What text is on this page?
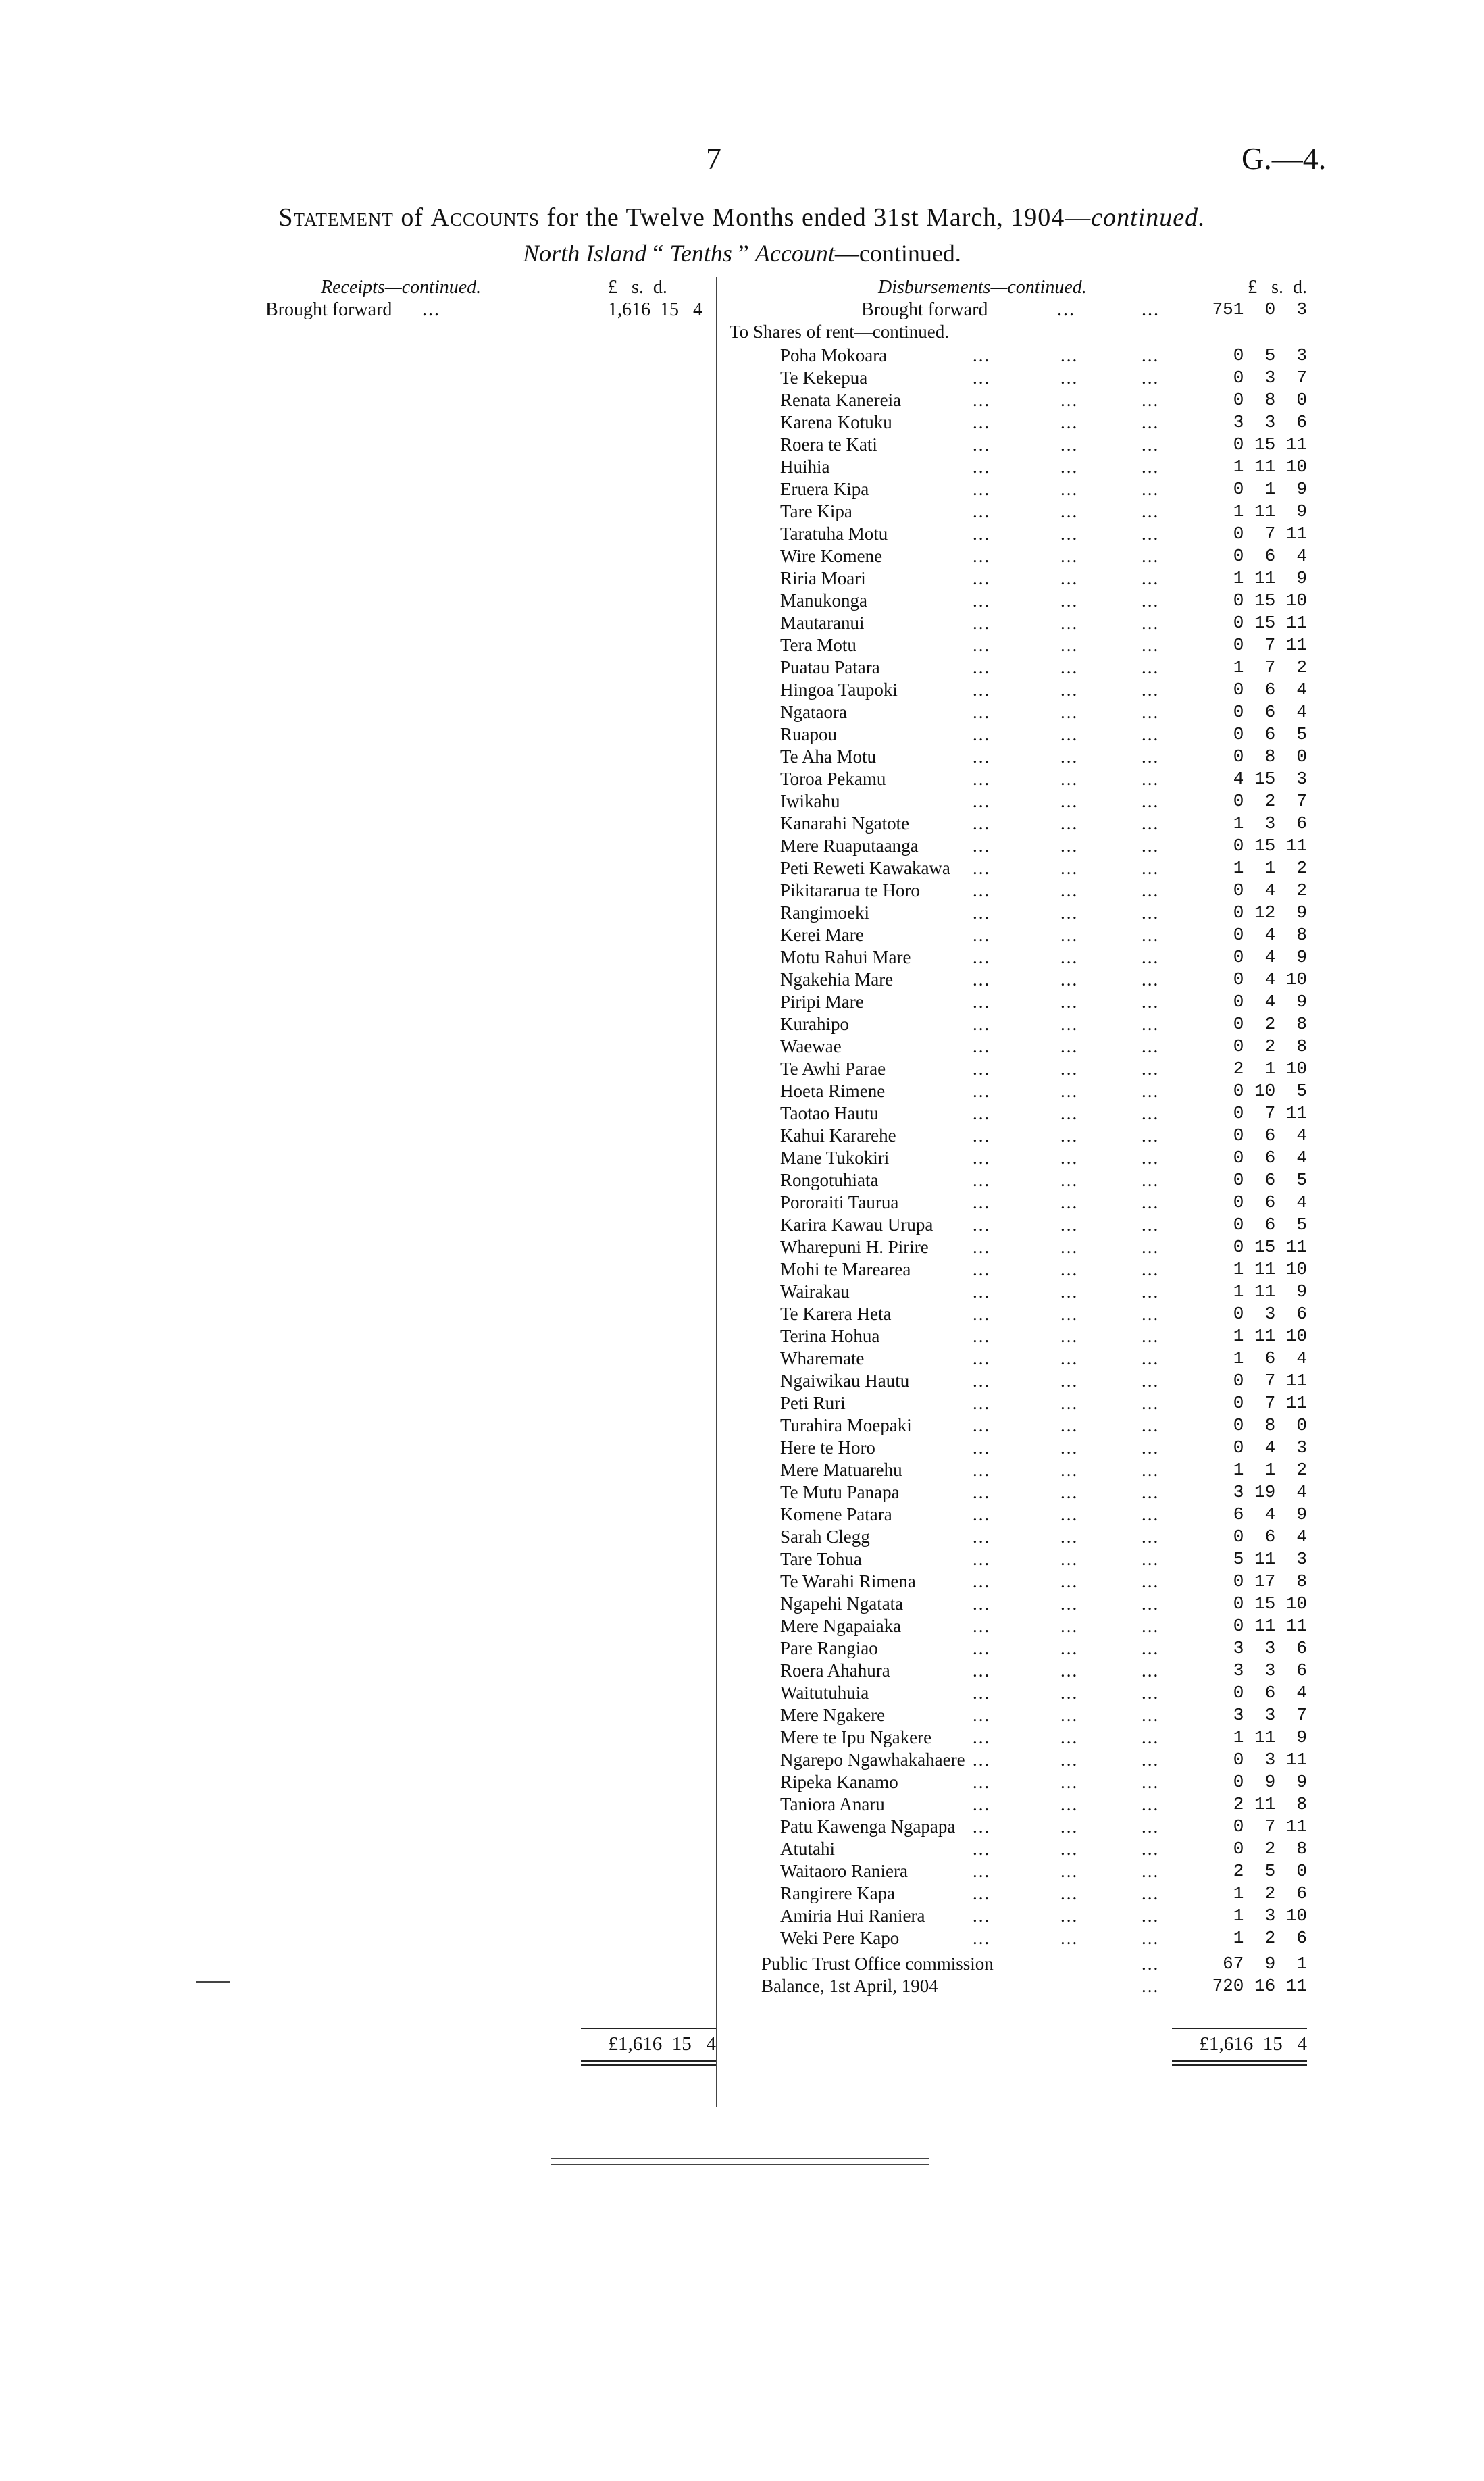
7	G.—4.
Statement of Accounts for the Twelve Months ended 31st March, 1904—continued.
North Island “ Tenths ” Account—continued.
Receipts—continued.	£   s.  d.
Brought forward ...	1,616  15   4
Disbursements—continued.	£   s.  d.
Brought forward	...	...	751  0  3
To Shares of rent—continued.
Poha Mokoara	...	...	...	0  5  3
Te Kekepua	...	...	...	0  3  7
Renata Kanereia	...	...	...	0  8  0
Karena Kotuku	...	...	...	3  3  6
Roera te Kati	...	...	...	0 15 11
Huihia	...	...	...	1 11 10
Eruera Kipa	...	...	...	0  1  9
Tare Kipa	...	...	...	1 11  9
Taratuha Motu	...	...	...	0  7 11
Wire Komene	...	...	...	0  6  4
Riria Moari	...	...	...	1 11  9
Manukonga	...	...	...	0 15 10
Mautaranui	...	...	...	0 15 11
Tera Motu	...	...	...	0  7 11
Puatau Patara	...	...	...	1  7  2
Hingoa Taupoki	...	...	...	0  6  4
Ngataora	...	...	...	0  6  4
Ruapou	...	...	...	0  6  5
Te Aha Motu	...	...	...	0  8  0
Toroa Pekamu	...	...	...	4 15  3
Iwikahu	...	...	...	0  2  7
Kanarahi Ngatote	...	...	...	1  3  6
Mere Ruaputaanga	...	...	...	0 15 11
Peti Reweti Kawakawa ...	...	...	1  1  2
Pikitararua te Horo	...	...	...	0  4  2
Rangimoeki	...	...	...	0 12  9
Kerei Mare	...	...	...	0  4  8
Motu Rahui Mare	...	...	...	0  4  9
Ngakehia Mare	...	...	...	0  4 10
Piripi Mare	...	...	...	0  4  9
Kurahipo	...	...	...	0  2  8
Waewae	...	...	...	0  2  8
Te Awhi Parae	...	...	...	2  1 10
Hoeta Rimene	...	...	...	0 10  5
Taotao Hautu	...	...	...	0  7 11
Kahui Kararehe	...	...	...	0  6  4
Mane Tukokiri	...	...	...	0  6  4
Rongotuhiata	...	...	...	0  6  5
Pororaiti Taurua	...	...	...	0  6  4
Karira Kawau Urupa ...	...	...	0  6  5
Wharepuni H. Pirire ...	...	...	0 15 11
Mohi te Marearea	...	...	...	1 11 10
Wairakau	...	...	...	1 11  9
Te Karera Heta	...	...	...	0  3  6
Terina Hohua	...	...	...	1 11 10
Wharemate	...	...	...	1  6  4
Ngaiwikau Hautu	...	...	...	0  7 11
Peti Ruri	...	...	...	0  7 11
Turahira Moepaki	...	...	...	0  8  0
Here te Horo	...	...	...	0  4  3
Mere Matuarehu	...	...	...	1  1  2
Te Mutu Panapa	...	...	...	3 19  4
Komene Patara	...	...	...	6  4  9
Sarah Clegg	...	...	...	0  6  4
Tare Tohua	...	...	...	5 11  3
Te Warahi Rimena	...	...	...	0 17  8
Ngapehi Ngatata	...	...	...	0 15 10
Mere Ngapaiaka	...	...	...	0 11 11
Pare Rangiao	...	...	...	3  3  6
Roera Ahahura	...	...	...	3  3  6
Waitutuhuia	...	...	...	0  6  4
Mere Ngakere	...	...	...	3  3  7
Mere te Ipu Ngakere ...	...	...	1 11  9
Ngarepo Ngawhakahaere ...	...	...	0  3 11
Ripeka Kanamo	...	...	...	0  9  9
Taniora Anaru	...	...	...	2 11  8
Patu Kawenga Ngapapa ...	...	...	0  7 11
Atutahi	...	...	...	0  2  8
Waitaoro Raniera	...	...	...	2  5  0
Rangirere Kapa	...	...	...	1  2  6
Amiria Hui Raniera	...	...	...	1  3 10
Weki Pere Kapo	...	...	...	1  2  6
Public Trust Office commission	...	67  9  1
Balance, 1st April, 1904	...	720 16 11
£1,616  15   4	£1,616  15   4
